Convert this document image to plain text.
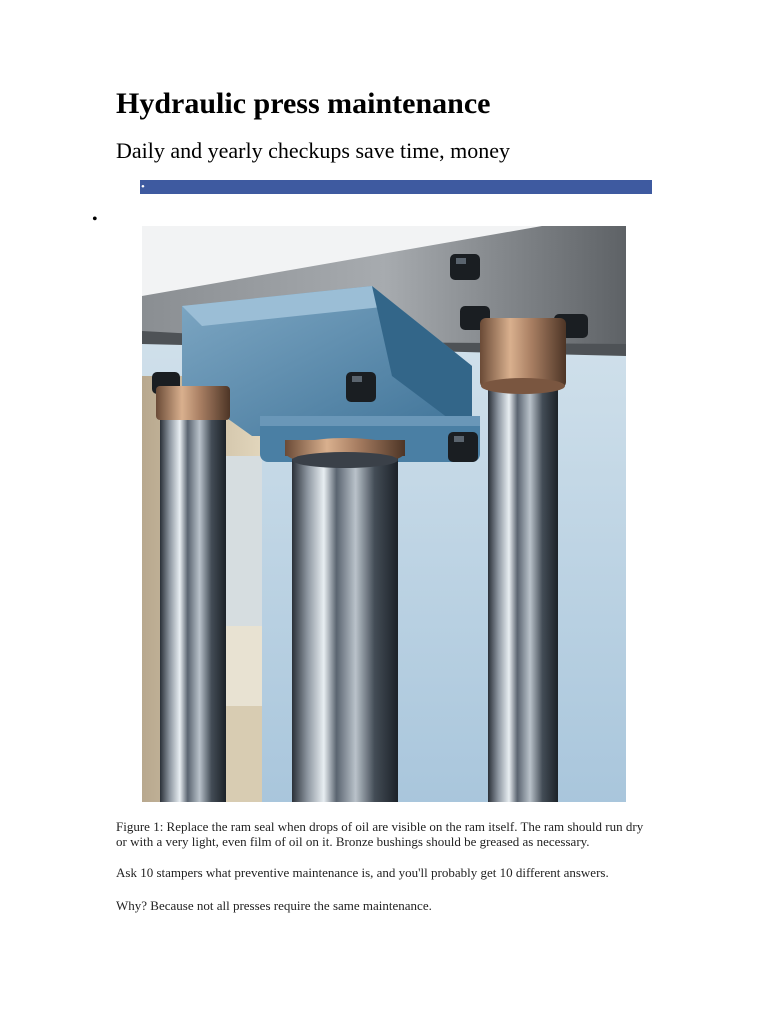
Hydraulic press maintenance
Daily and yearly checkups save time, money
•
•

Figure 1: Replace the ram seal when drops of oil are visible on the ram itself. The ram should run dry or with a very light, even film of oil on it. Bronze bushings should be greased as necessary.

Ask 10 stampers what preventive maintenance is, and you'll probably get 10 different answers.

Why? Because not all presses require the same maintenance.
